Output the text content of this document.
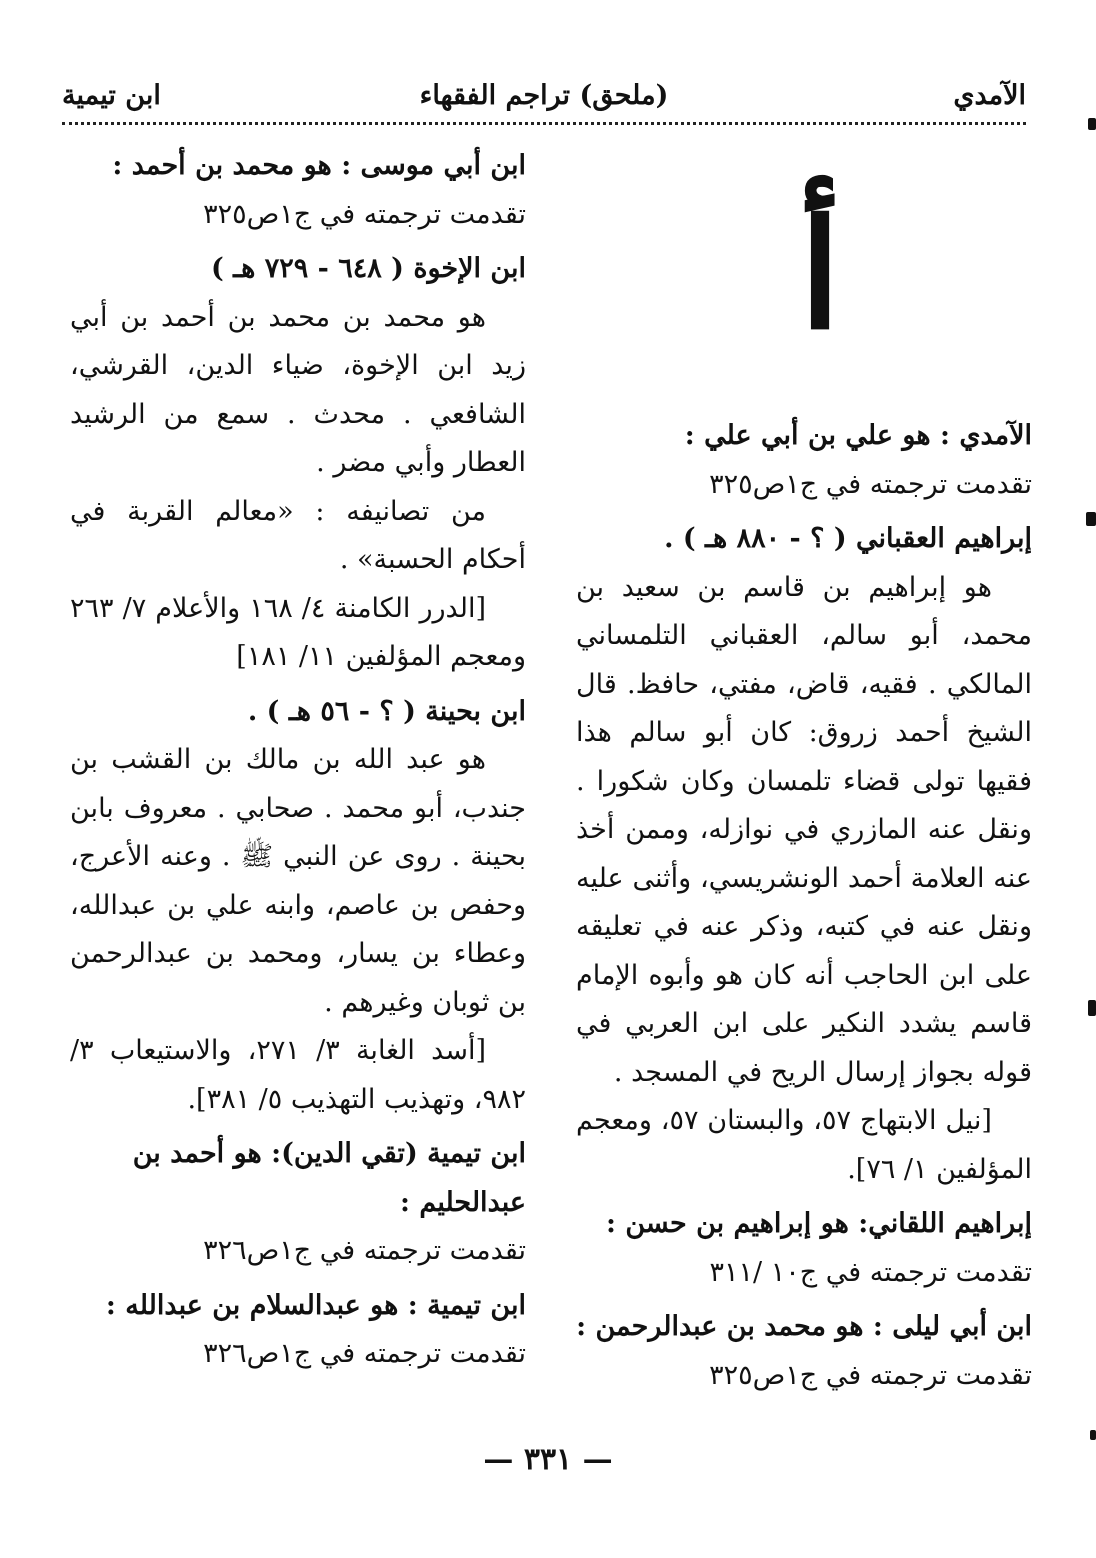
الآمدي
(ملحق) تراجم الفقهاء
ابن تيمية
أ
الآمدي : هو علي بن أبي علي :
تقدمت ترجمته في ج١ص٣٢٥
إبراهيم العقباني ( ؟ - ٨٨٠ هـ ) .
هو إبراهيم بن قاسم بن سعيد بن محمد، أبو سالم، العقباني التلمساني المالكي . فقيه، قاض، مفتي، حافظ. قال الشيخ أحمد زروق: كان أبو سالم هذا فقيها تولى قضاء تلمسان وكان شكورا . ونقل عنه المازري في نوازله، وممن أخذ عنه العلامة أحمد الونشريسي، وأثنى عليه ونقل عنه في كتبه، وذكر عنه في تعليقه على ابن الحاجب أنه كان هو وأبوه الإمام قاسم يشدد النكير على ابن العربي في قوله بجواز إرسال الريح في المسجد .
[نيل الابتهاج ٥٧، والبستان ٥٧، ومعجم المؤلفين ١/ ٧٦].
إبراهيم اللقاني: هو إبراهيم بن حسن :
تقدمت ترجمته في ج١٠ /٣١١
ابن أبي ليلى : هو محمد بن عبدالرحمن :
تقدمت ترجمته في ج١ص٣٢٥
ابن أبي موسى : هو محمد بن أحمد :
تقدمت ترجمته في ج١ص٣٢٥
ابن الإخوة ( ٦٤٨ - ٧٢٩ هـ )
هو محمد بن محمد بن أحمد بن أبي زيد ابن الإخوة، ضياء الدين، القرشي، الشافعي . محدث . سمع من الرشيد العطار وأبي مضر .
من تصانيفه : «معالم القربة في أحكام الحسبة» .
[الدرر الكامنة ٤/ ١٦٨ والأعلام ٧/ ٢٦٣ ومعجم المؤلفين ١١/ ١٨١]
ابن بحينة ( ؟ - ٥٦ هـ ) .
هو عبد الله بن مالك بن القشب بن جندب، أبو محمد . صحابي . معروف بابن بحينة . روى عن النبي ﷺ . وعنه الأعرج، وحفص بن عاصم، وابنه علي بن عبدالله، وعطاء بن يسار، ومحمد بن عبدالرحمن بن ثوبان وغيرهم .
[أسد الغابة ٣/ ٢٧١، والاستيعاب ٣/ ٩٨٢، وتهذيب التهذيب ٥/ ٣٨١].
ابن تيمية (تقي الدين): هو أحمد بن عبدالحليم :
تقدمت ترجمته في ج١ص٣٢٦
ابن تيمية : هو عبدالسلام بن عبدالله :
تقدمت ترجمته في ج١ص٣٢٦
— ٣٣١ —
